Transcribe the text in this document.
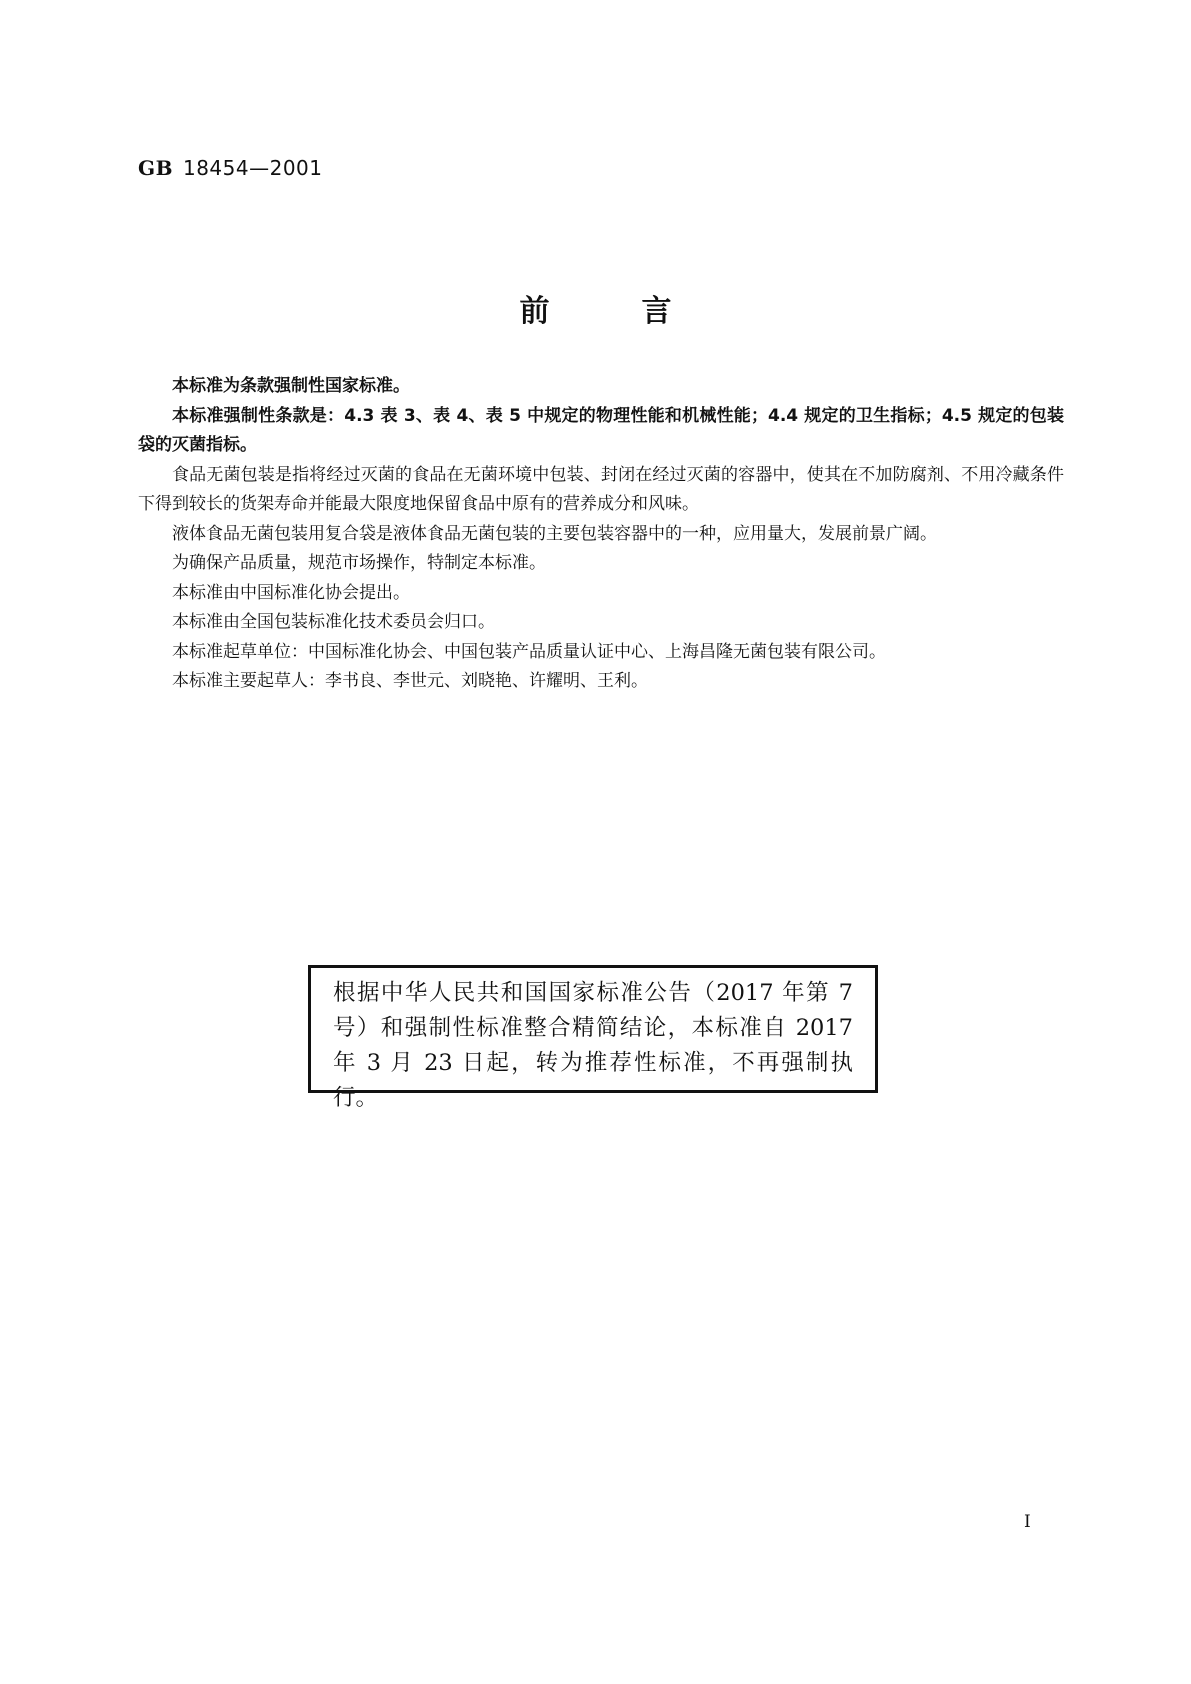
GB 18454—2001
前言

本标准为条款强制性国家标准。

本标准强制性条款是：4.3 表 3、表 4、表 5 中规定的物理性能和机械性能；4.4 规定的卫生指标；4.5 规定的包装袋的灭菌指标。

食品无菌包装是指将经过灭菌的食品在无菌环境中包装、封闭在经过灭菌的容器中，使其在不加防腐剂、不用冷藏条件下得到较长的货架寿命并能最大限度地保留食品中原有的营养成分和风味。

液体食品无菌包装用复合袋是液体食品无菌包装的主要包装容器中的一种，应用量大，发展前景广阔。

为确保产品质量，规范市场操作，特制定本标准。

本标准由中国标准化协会提出。

本标准由全国包装标准化技术委员会归口。

本标准起草单位：中国标准化协会、中国包装产品质量认证中心、上海昌隆无菌包装有限公司。

本标准主要起草人：李书良、李世元、刘晓艳、许耀明、王利。

根据中华人民共和国国家标准公告（2017 年第 7 号）和强制性标准整合精简结论，本标准自 2017 年 3 月 23 日起，转为推荐性标准，不再强制执行。

I
